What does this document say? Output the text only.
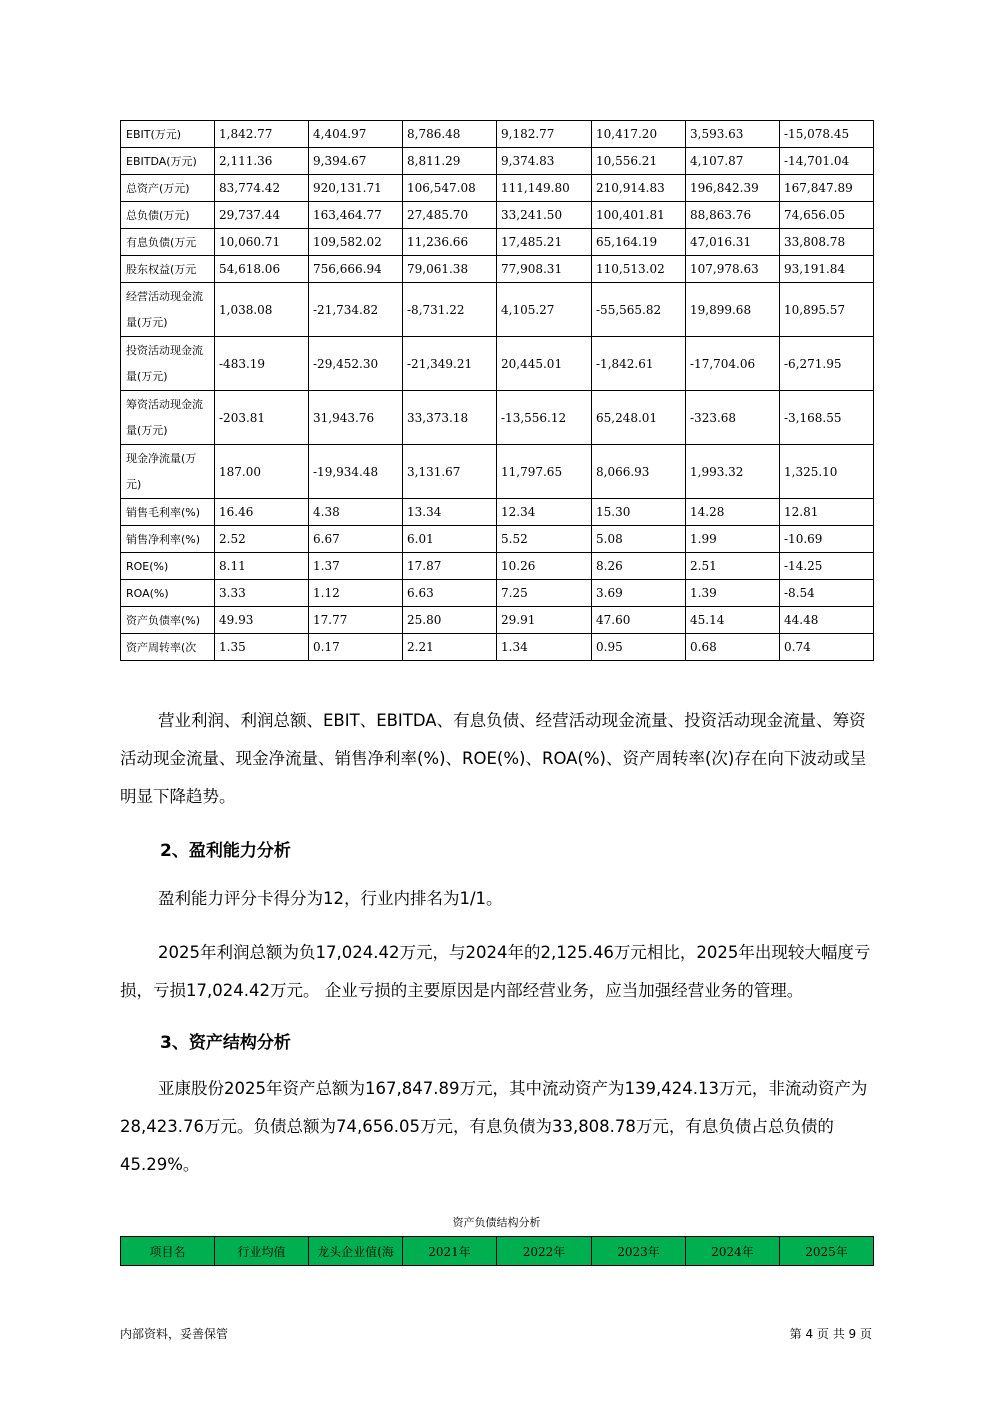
EBIT(万元)	1,842.77	4,404.97	8,786.48	9,182.77	10,417.20	3,593.63	-15,078.45
EBITDA(万元)	2,111.36	9,394.67	8,811.29	9,374.83	10,556.21	4,107.87	-14,701.04
总资产(万元)	83,774.42	920,131.71	106,547.08	111,149.80	210,914.83	196,842.39	167,847.89
总负债(万元)	29,737.44	163,464.77	27,485.70	33,241.50	100,401.81	88,863.76	74,656.05
有息负债(万元	10,060.71	109,582.02	11,236.66	17,485.21	65,164.19	47,016.31	33,808.78
股东权益(万元	54,618.06	756,666.94	79,061.38	77,908.31	110,513.02	107,978.63	93,191.84
经营活动现金流量(万元)	1,038.08	-21,734.82	-8,731.22	4,105.27	-55,565.82	19,899.68	10,895.57
投资活动现金流量(万元)	-483.19	-29,452.30	-21,349.21	20,445.01	-1,842.61	-17,704.06	-6,271.95
筹资活动现金流量(万元)	-203.81	31,943.76	33,373.18	-13,556.12	65,248.01	-323.68	-3,168.55
现金净流量(万元)	187.00	-19,934.48	3,131.67	11,797.65	8,066.93	1,993.32	1,325.10
销售毛利率(%)	16.46	4.38	13.34	12.34	15.30	14.28	12.81
销售净利率(%)	2.52	6.67	6.01	5.52	5.08	1.99	-10.69
ROE(%)	8.11	1.37	17.87	10.26	8.26	2.51	-14.25
ROA(%)	3.33	1.12	6.63	7.25	3.69	1.39	-8.54
资产负债率(%)	49.93	17.77	25.80	29.91	47.60	45.14	44.48
资产周转率(次	1.35	0.17	2.21	1.34	0.95	0.68	0.74
营业利润、利润总额、EBIT、EBITDA、有息负债、经营活动现金流量、投资活动现金流量、筹资活动现金流量、现金净流量、销售净利率(%)、ROE(%)、ROA(%)、资产周转率(次)存在向下波动或呈明显下降趋势。
2、盈利能力分析
盈利能力评分卡得分为12，行业内排名为1/1。
2025年利润总额为负17,024.42万元，与2024年的2,125.46万元相比，2025年出现较大幅度亏损，亏损17,024.42万元。 企业亏损的主要原因是内部经营业务，应当加强经营业务的管理。
3、资产结构分析
亚康股份2025年资产总额为167,847.89万元，其中流动资产为139,424.13万元，非流动资产为28,423.76万元。负债总额为74,656.05万元，有息负债为33,808.78万元，有息负债占总负债的45.29%。
资产负债结构分析
项目名	行业均值	龙头企业值(海	2021年	2022年	2023年	2024年	2025年
内部资料，妥善保管	第 4 页 共 9 页
